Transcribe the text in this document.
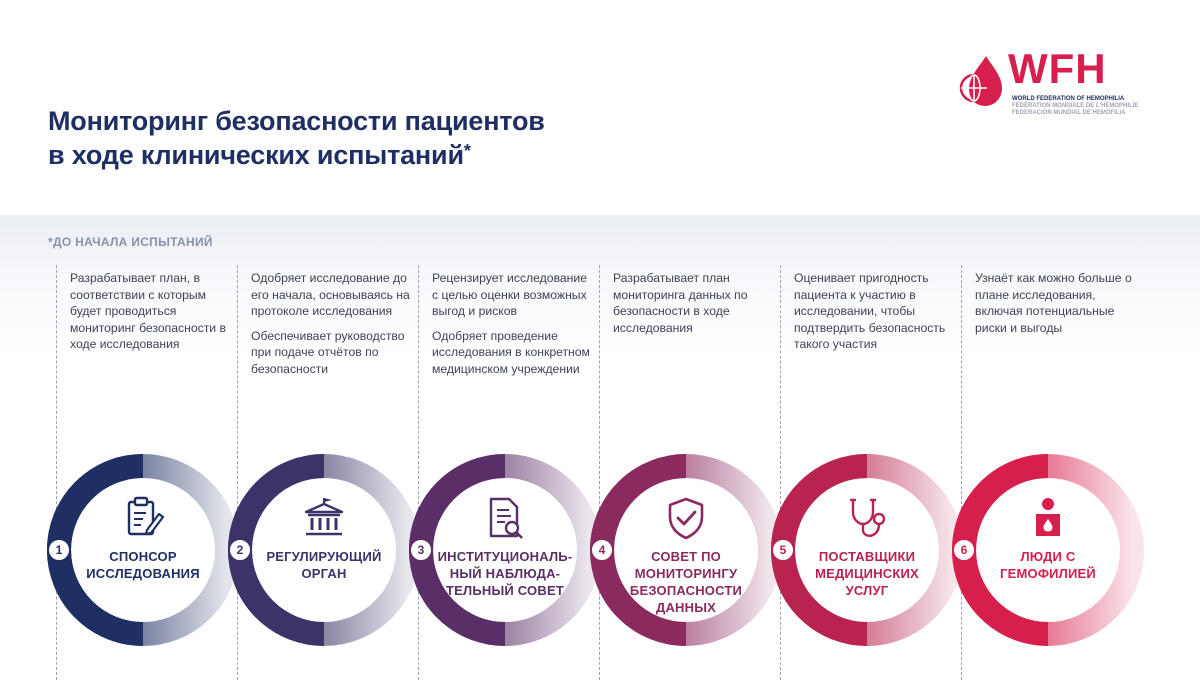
Мониторинг безопасности пациентов
в ходе клинических испытаний*
WFH
WORLD FEDERATION OF HEMOPHILIA
FÉDÉRATION MONDIALE DE L'HÉMOPHILIE
FEDERACIÓN MUNDIAL DE HEMOFILIA
*ДО НАЧАЛА ИСПЫТАНИЙ

Разрабатывает план, в соответствии с которым будет проводиться мониторинг безопасности в ходе исследования

Одобряет исследование до его начала, основываясь на протоколе исследования

Обеспечивает руководство при подаче отчётов по безопасности

Рецензирует исследование с целью оценки возможных выгод и рисков

Одобряет проведение исследования в конкретном медицинском учреждении

Разрабатывает план мониторинга данных по безопасности в ходе исследования

Оценивает пригодность пациента к участию в исследовании, чтобы подтвердить безопасность такого участия

Узнаёт как можно больше о плане исследования, включая потенциальные риски и выгоды

1	СПОНСОР ИССЛЕДОВАНИЯ
2	РЕГУЛИРУЮЩИЙ ОРГАН
3	ИНСТИТУЦИОНАЛЬ-НЫЙ НАБЛЮДА-ТЕЛЬНЫЙ СОВЕТ
4	СОВЕТ ПО МОНИТОРИНГУ БЕЗОПАСНОСТИ ДАННЫХ
5	ПОСТАВЩИКИ МЕДИЦИНСКИХ УСЛУГ
6	ЛЮДИ С ГЕМОФИЛИЕЙ
